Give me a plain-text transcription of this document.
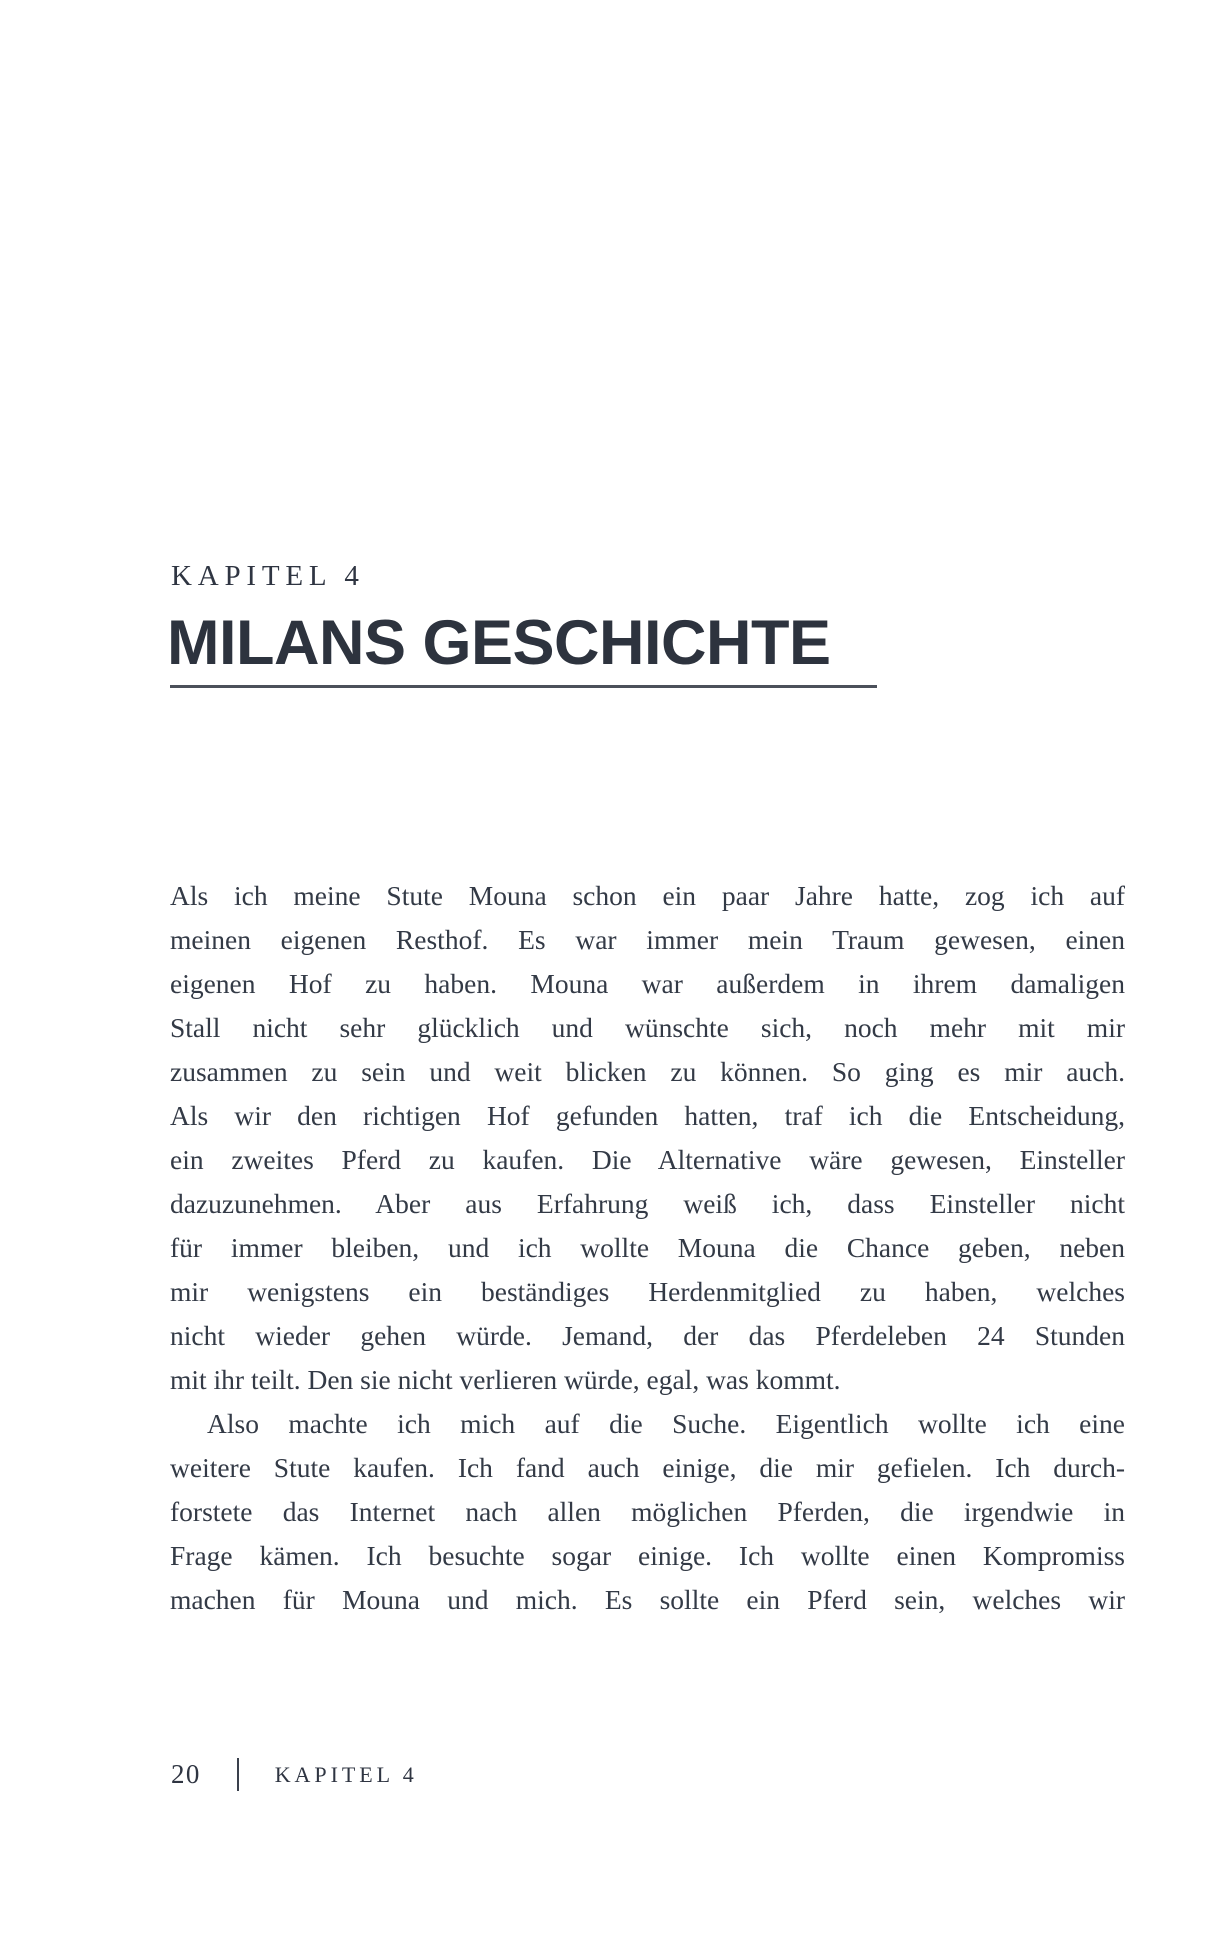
KAPITEL 4
MILANS GESCHICHTE
Als ich meine Stute Mouna schon ein paar Jahre hatte, zog ich auf
meinen eigenen Resthof. Es war immer mein Traum gewesen, einen
eigenen Hof zu haben. Mouna war außerdem in ihrem damaligen
Stall nicht sehr glücklich und wünschte sich, noch mehr mit mir
zusammen zu sein und weit blicken zu können. So ging es mir auch.
Als wir den richtigen Hof gefunden hatten, traf ich die Entscheidung,
ein zweites Pferd zu kaufen. Die Alternative wäre gewesen, Einsteller
dazuzunehmen. Aber aus Erfahrung weiß ich, dass Einsteller nicht
für immer bleiben, und ich wollte Mouna die Chance geben, neben
mir wenigstens ein beständiges Herdenmitglied zu haben, welches
nicht wieder gehen würde. Jemand, der das Pferdeleben 24 Stunden
mit ihr teilt. Den sie nicht verlieren würde, egal, was kommt.
Also machte ich mich auf die Suche. Eigentlich wollte ich eine
weitere Stute kaufen. Ich fand auch einige, die mir gefielen. Ich durch-
forstete das Internet nach allen möglichen Pferden, die irgendwie in
Frage kämen. Ich besuchte sogar einige. Ich wollte einen Kompromiss
machen für Mouna und mich. Es sollte ein Pferd sein, welches wir
20	KAPITEL 4
